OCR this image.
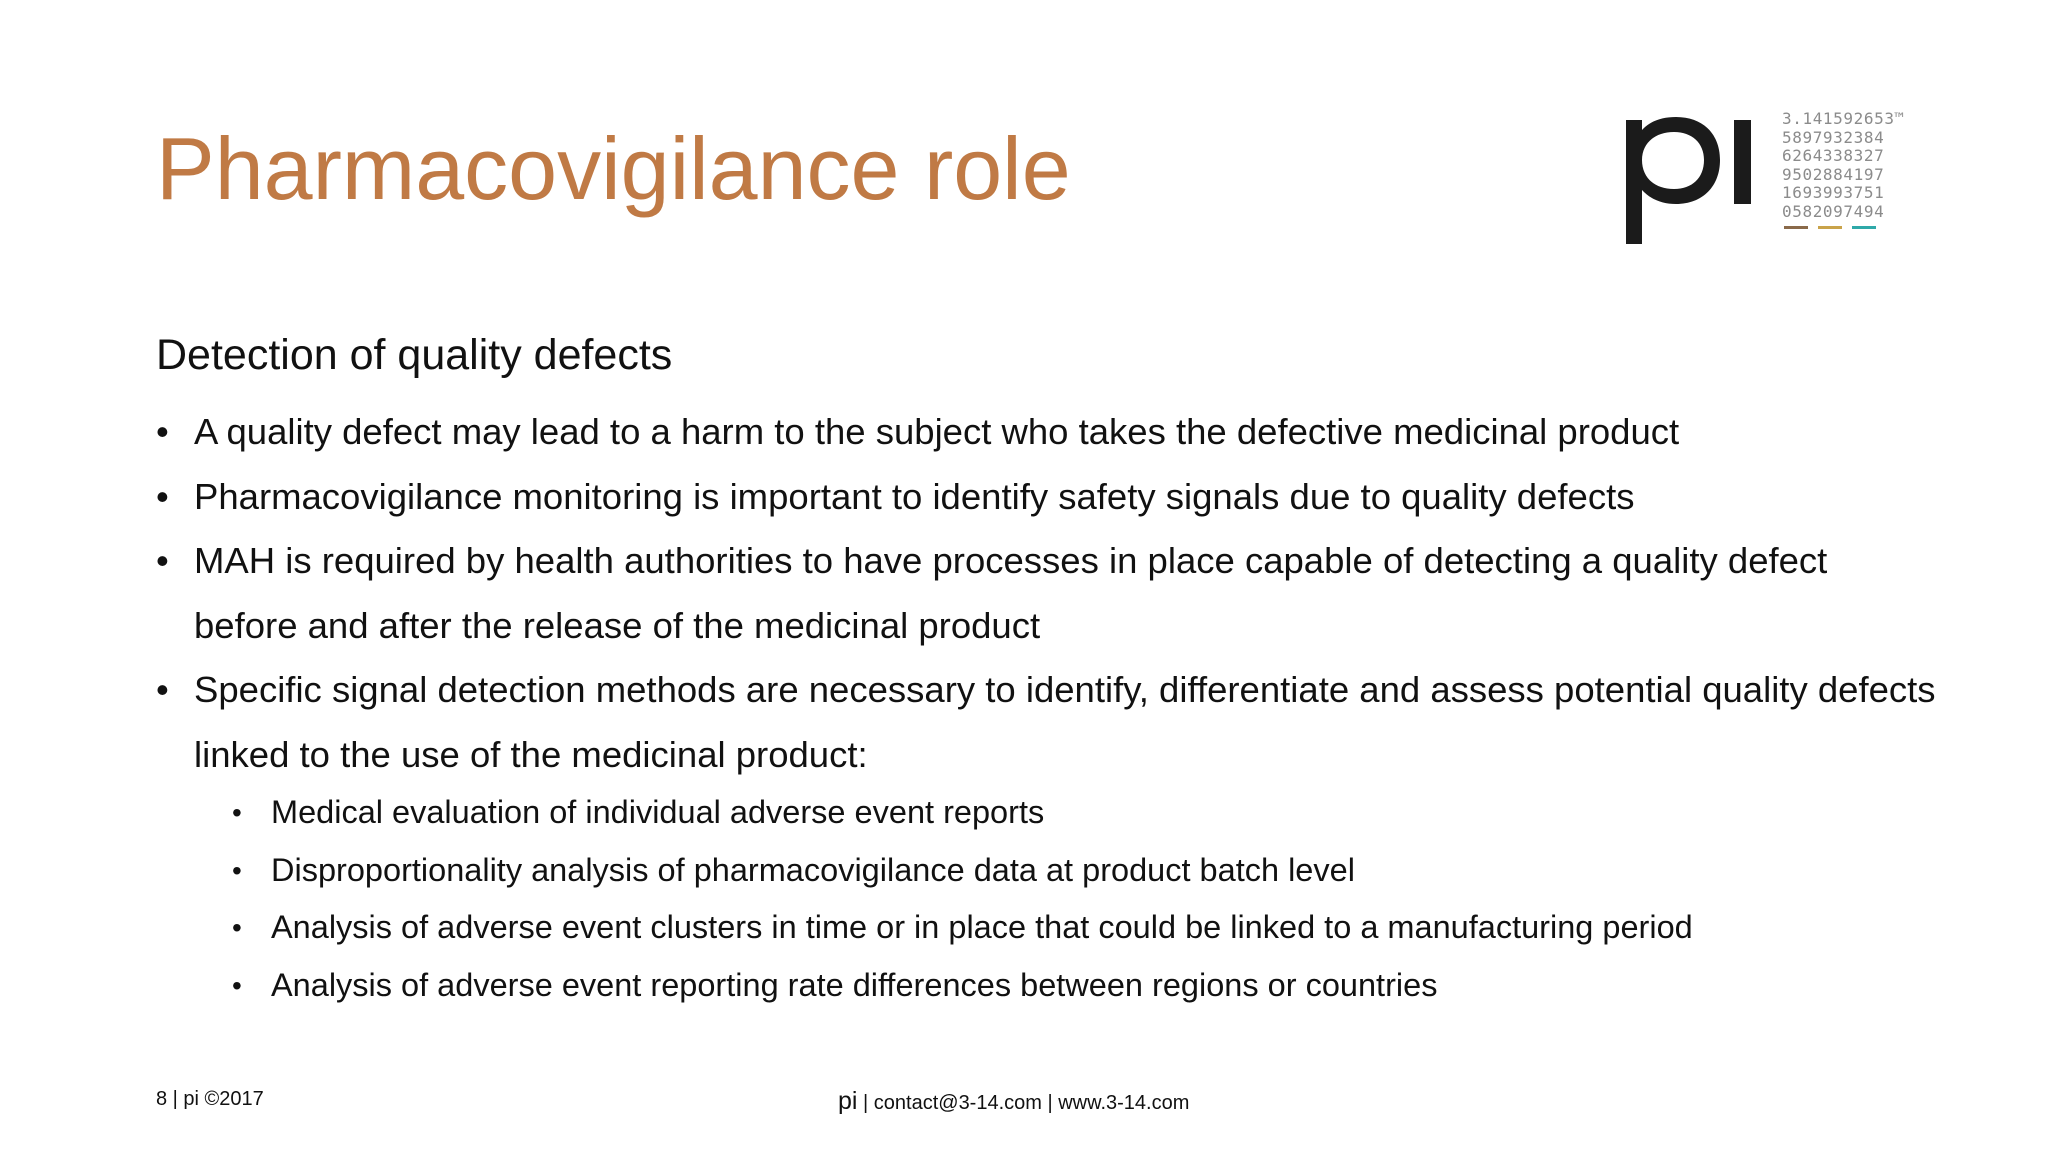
Pharmacovigilance role
3.141592653™
5897932384
6264338327
9502884197
1693993751
0582097494
Detection of quality defects
• A quality defect may lead to a harm to the subject who takes the defective medicinal product
• Pharmacovigilance monitoring is important to identify safety signals due to quality defects
• MAH is required by health authorities to have processes in place capable of detecting a quality defect before and after the release of the medicinal product
• Specific signal detection methods are necessary to identify, differentiate and assess potential quality defects linked to the use of the medicinal product:
• Medical evaluation of individual adverse event reports
• Disproportionality analysis of pharmacovigilance data at product batch level
• Analysis of adverse event clusters in time or in place that could be linked to a manufacturing period
• Analysis of adverse event reporting rate differences between regions or countries
8 | pi ©2017	pi | contact@3-14.com | www.3-14.com
